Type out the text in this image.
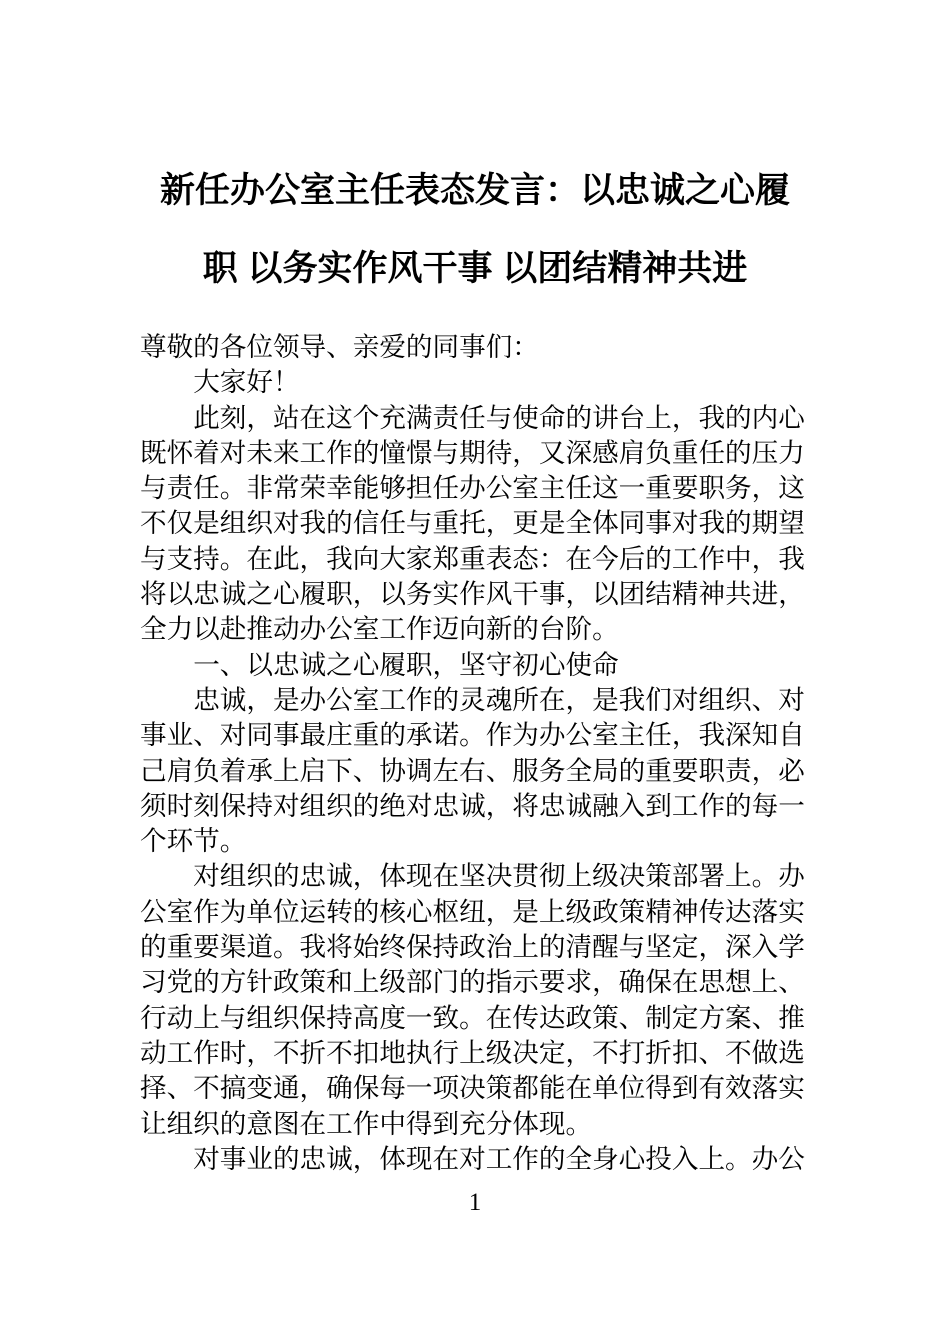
新任办公室主任表态发言：以忠诚之心履
职 以务实作风干事 以团结精神共进
尊敬的各位领导、亲爱的同事们：
大家好！
此刻，站在这个充满责任与使命的讲台上，我的内心
既怀着对未来工作的憧憬与期待，又深感肩负重任的压力
与责任。非常荣幸能够担任办公室主任这一重要职务，这
不仅是组织对我的信任与重托，更是全体同事对我的期望
与支持。在此，我向大家郑重表态：在今后的工作中，我
将以忠诚之心履职，以务实作风干事，以团结精神共进，
全力以赴推动办公室工作迈向新的台阶。
一、以忠诚之心履职，坚守初心使命
忠诚，是办公室工作的灵魂所在，是我们对组织、对
事业、对同事最庄重的承诺。作为办公室主任，我深知自
己肩负着承上启下、协调左右、服务全局的重要职责，必
须时刻保持对组织的绝对忠诚，将忠诚融入到工作的每一
个环节。
对组织的忠诚，体现在坚决贯彻上级决策部署上。办
公室作为单位运转的核心枢纽，是上级政策精神传达落实
的重要渠道。我将始终保持政治上的清醒与坚定，深入学
习党的方针政策和上级部门的指示要求，确保在思想上、
行动上与组织保持高度一致。在传达政策、制定方案、推
动工作时，不折不扣地执行上级决定，不打折扣、不做选
择、不搞变通，确保每一项决策都能在单位得到有效落实
让组织的意图在工作中得到充分体现。
对事业的忠诚，体现在对工作的全身心投入上。办公
1
